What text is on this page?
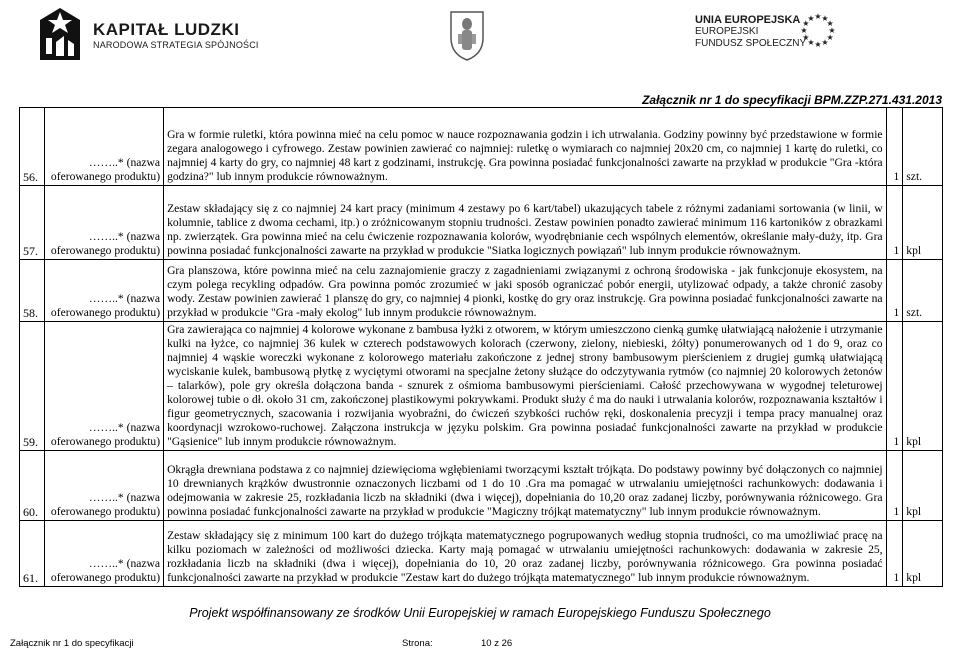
KAPITAŁ LUDZKI
NARODOWA STRATEGIA SPÓJNOŚCI
UNIA EUROPEJSKA
EUROPEJSKI
FUNDUSZ SPOŁECZNY
★
★
★
★
★
★
★
★
★ ★ ★
★
Załącznik nr 1 do specyfikacji BPM.ZZP.271.431.2013
56.	……..* (nazwa
oferowanego produktu)	Gra w formie ruletki, która powinna mieć na celu pomoc w nauce rozpoznawania godzin i ich utrwalania. Godziny powinny być przedstawione w formie zegara analogowego i cyfrowego. Zestaw powinien zawierać co najmniej: ruletkę o wymiarach co najmniej 20x20 cm, co najmniej 1 kartę do ruletki, co najmniej 4 karty do gry, co najmniej 48 kart z godzinami, instrukcję. Gra powinna posiadać funkcjonalności zawarte na przykład w produkcie "Gra -która godzina?" lub innym produkcie równoważnym.	1	szt.
57.	……..* (nazwa
oferowanego produktu)	Zestaw składający się z co najmniej 24 kart pracy (minimum 4 zestawy po 6 kart/tabel) ukazujących tabele z różnymi zadaniami sortowania (w linii, w kolumnie, tablice z dwoma cechami, itp.) o zróżnicowanym stopniu trudności. Zestaw powinien ponadto zawierać minimum 116 kartoników z obrazkami np. zwierzątek. Gra powinna mieć na celu ćwiczenie rozpoznawania kolorów, wyodrębnianie cech wspólnych elementów, określanie mały-duży, itp. Gra powinna posiadać funkcjonalności zawarte na przykład w produkcie "Siatka logicznych powiązań" lub innym produkcie równoważnym.	1	kpl
58.	……..* (nazwa
oferowanego produktu)	Gra planszowa, które powinna mieć na celu zaznajomienie graczy z zagadnieniami związanymi z ochroną środowiska - jak funkcjonuje ekosystem, na czym polega recykling odpadów. Gra powinna pomóc zrozumieć w jaki sposób ograniczać pobór energii, utylizować odpady, a także chronić zasoby wody. Zestaw powinien zawierać 1 planszę do gry, co najmniej 4 pionki, kostkę do gry oraz instrukcję. Gra powinna posiadać funkcjonalności zawarte na przykład w produkcie "Gra -mały ekolog" lub innym produkcie równoważnym.	1	szt.
59.	……..* (nazwa
oferowanego produktu)	Gra zawierająca co najmniej 4 kolorowe wykonane z bambusa łyżki z otworem, w którym umieszczono cienką gumkę ułatwiającą nałożenie i utrzymanie kulki na łyżce, co najmniej 36 kulek w czterech podstawowych kolorach (czerwony, zielony, niebieski, żółty) ponumerowanych od 1 do 9, oraz co najmniej 4 wąskie woreczki wykonane z kolorowego materiału zakończone z jednej strony bambusowym pierścieniem z drugiej gumką ułatwiającą wyciskanie kulek, bambusową płytkę z wyciętymi otworami na specjalne żetony służące do odczytywania rytmów (co najmniej 20 kolorowych żetonów – talarków), pole gry określa dołączona banda - sznurek z ośmioma bambusowymi pierścieniami. Całość przechowywana w wygodnej teleturowej kolorowej tubie o dł. około 31 cm, zakończonej plastikowymi pokrywkami. Produkt służy ć ma do nauki i utrwalania kolorów, rozpoznawania kształtów i figur geometrycznych, szacowania i rozwijania wyobraźni, do ćwiczeń szybkości ruchów ręki, doskonalenia precyzji i tempa pracy manualnej oraz koordynacji wzrokowo-ruchowej. Załączona instrukcja w języku polskim. Gra powinna posiadać funkcjonalności zawarte na przykład w produkcie "Gąsienice" lub innym produkcie równoważnym.	1	kpl
60.	……..* (nazwa
oferowanego produktu)	Okrągła drewniana podstawa z co najmniej dziewięcioma wgłębieniami tworzącymi kształt trójkąta. Do podstawy powinny być dołączonych co najmniej 10 drewnianych krążków dwustronnie oznaczonych liczbami od 1 do 10 .Gra ma pomagać w utrwalaniu umiejętności rachunkowych: dodawania i odejmowania w zakresie 25, rozkładania liczb na składniki (dwa i więcej), dopełniania do 10,20 oraz zadanej liczby, porównywania różnicowego. Gra powinna posiadać funkcjonalności zawarte na przykład w produkcie "Magiczny trójkąt matematyczny" lub innym produkcie równoważnym.	1	kpl
61.	……..* (nazwa
oferowanego produktu)	Zestaw składający się z minimum 100 kart do dużego trójkąta matematycznego pogrupowanych według stopnia trudności, co ma umożliwiać pracę na kilku poziomach w zależności od możliwości dziecka. Karty mają pomagać w utrwalaniu umiejętności rachunkowych: dodawania w zakresie 25, rozkładania liczb na składniki (dwa i więcej), dopełniania do 10, 20 oraz zadanej liczby, porównywania różnicowego. Gra powinna posiadać funkcjonalności zawarte na przykład w produkcie "Zestaw kart do dużego trójkąta matematycznego" lub innym produkcie równoważnym.	1	kpl
Projekt współfinansowany ze środków Unii Europejskiej w ramach Europejskiego Funduszu Społecznego
Załącznik nr 1 do specyfikacji	Strona:	10 z 26
